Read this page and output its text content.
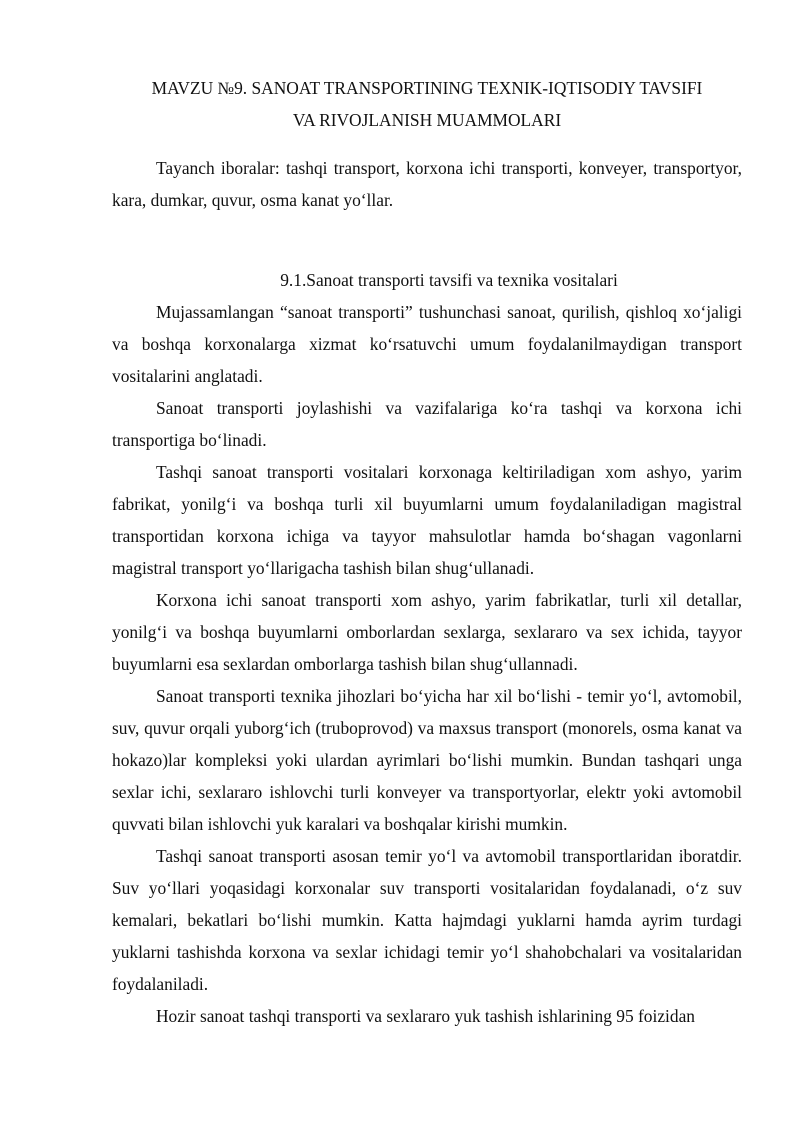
MAVZU №9. SANOAT TRANSPORTINING TEXNIK-IQTISODIY TAVSIFI
VA RIVOJLANISH MUAMMOLARI

Tayanch iboralar: tashqi transport, korxona ichi transporti, konveyer, transportyor, kara, dumkar, quvur, osma kanat yo‘llar.

9.1.Sanoat transporti tavsifi va texnika vositalari

Mujassamlangan “sanoat transporti” tushunchasi sanoat, qurilish, qishloq xo‘jaligi va boshqa korxonalarga xizmat ko‘rsatuvchi umum foydalanilmaydigan transport vositalarini anglatadi.

Sanoat transporti joylashishi va vazifalariga ko‘ra tashqi va korxona ichi transportiga bo‘linadi.

Tashqi sanoat transporti vositalari korxonaga keltiriladigan xom ashyo, yarim fabrikat, yonilg‘i va boshqa turli xil buyumlarni umum foydalaniladigan magistral transportidan korxona ichiga va tayyor mahsulotlar hamda bo‘shagan vagonlarni magistral transport yo‘llarigacha tashish bilan shug‘ullanadi.

Korxona ichi sanoat transporti xom ashyo, yarim fabrikatlar, turli xil detallar, yonilg‘i va boshqa buyumlarni omborlardan sexlarga, sexlararo va sex ichida, tayyor buyumlarni esa sexlardan omborlarga tashish bilan shug‘ullannadi.

Sanoat transporti texnika jihozlari bo‘yicha har xil bo‘lishi - temir yo‘l, avtomobil, suv, quvur orqali yuborg‘ich (truboprovod) va maxsus transport (monorels, osma kanat va hokazo)lar kompleksi yoki ulardan ayrimlari bo‘lishi mumkin. Bundan tashqari unga sexlar ichi, sexlararo ishlovchi turli konveyer va transportyorlar, elektr yoki avtomobil quvvati bilan ishlovchi yuk karalari va boshqalar kirishi mumkin.

Tashqi sanoat transporti asosan temir yo‘l va avtomobil transportlaridan iboratdir. Suv yo‘llari yoqasidagi korxonalar suv transporti vositalaridan foydalanadi, o‘z suv kemalari, bekatlari bo‘lishi mumkin. Katta hajmdagi yuklarni hamda ayrim turdagi yuklarni tashishda korxona va sexlar ichidagi temir yo‘l shahobchalari va vositalaridan foydalaniladi.

Hozir sanoat tashqi transporti va sexlararo yuk tashish ishlarining 95 foizidan
